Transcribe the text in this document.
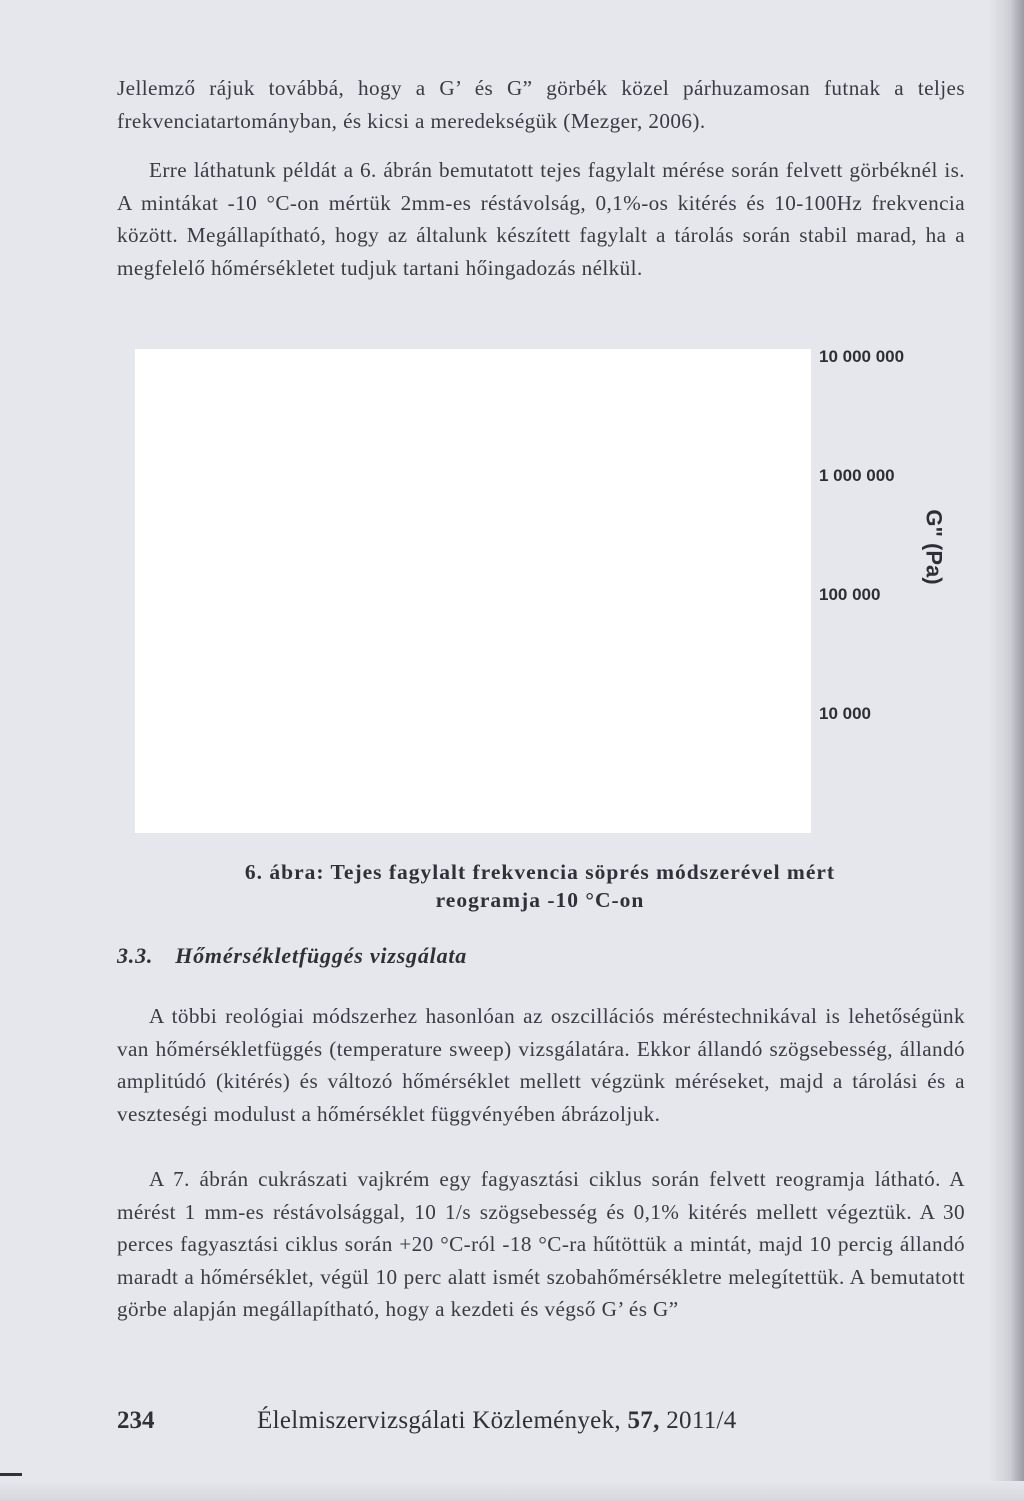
Jellemző rájuk továbbá, hogy a G’ és G” görbék közel párhuzamosan futnak a teljes frekvenciatartományban, és kicsi a meredekségük (Mezger, 2006).

Erre láthatunk példát a 6. ábrán bemutatott tejes fagylalt mérése során felvett görbéknél is. A mintákat -10 °C-on mértük 2mm-es réstávolság, 0,1%-os kitérés és 10-100Hz frekvencia között. Megállapítható, hogy az általunk készített fagylalt a tárolás során stabil marad, ha a megfelelő hőmérsékletet tudjuk tartani hőingadozás nélkül.

10 000 000
1 000 000
100 000
10 000
G" (Pa)
6. ábra: Tejes fagylalt frekvencia söprés módszerével mért
reogramja -10 °C-on
3.3. Hőmérsékletfüggés vizsgálata

A többi reológiai módszerhez hasonlóan az oszcillációs méréstechnikával is lehetőségünk van hőmérsékletfüggés (temperature sweep) vizsgálatára. Ekkor állandó szögsebesség, állandó amplitúdó (kitérés) és változó hőmérséklet mellett végzünk méréseket, majd a tárolási és a veszteségi modulust a hőmérséklet függvényében ábrázoljuk.

A 7. ábrán cukrászati vajkrém egy fagyasztási ciklus során felvett reogramja látható. A mérést 1 mm-es réstávolsággal, 10 1/s szögsebesség és 0,1% kitérés mellett végeztük. A 30 perces fagyasztási ciklus során +20 °C-ról -18 °C-ra hűtöttük a mintát, majd 10 percig állandó maradt a hőmérséklet, végül 10 perc alatt ismét szobahőmérsékletre melegítettük. A bemutatott görbe alapján megállapítható, hogy a kezdeti és végső G’ és G”

234	Élelmiszervizsgálati Közlemények, 57, 2011/4
